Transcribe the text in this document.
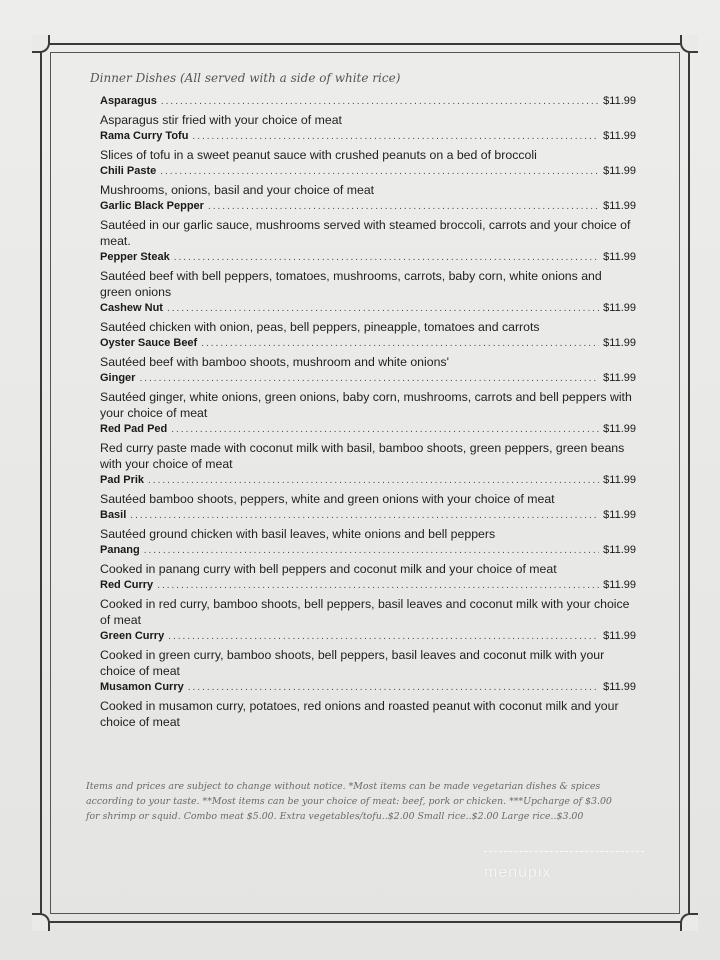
Dinner Dishes (All served with a side of white rice)
Asparagus .....	$11.99
Asparagus stir fried with your choice of meat
Rama Curry Tofu .....	$11.99
Slices of tofu in a sweet peanut sauce with crushed peanuts on a bed of broccoli
Chili Paste .....	$11.99
Mushrooms, onions, basil and your choice of meat
Garlic Black Pepper .....	$11.99
Sautéed in our garlic sauce, mushrooms served with steamed broccoli, carrots and your choice of meat.
Pepper Steak .....	$11.99
Sautéed beef with bell peppers, tomatoes, mushrooms, carrots, baby corn, white onions and green onions
Cashew Nut .....	$11.99
Sautéed chicken with onion, peas, bell peppers, pineapple, tomatoes and carrots
Oyster Sauce Beef .....	$11.99
Sautéed beef with bamboo shoots, mushroom and white onions'
Ginger .....	$11.99
Sautéed ginger, white onions, green onions, baby corn, mushrooms, carrots and bell peppers with your choice of meat
Red Pad Ped .....	$11.99
Red curry paste made with coconut milk with basil, bamboo shoots, green peppers, green beans with your choice of meat
Pad Prik .....	$11.99
Sautéed bamboo shoots, peppers, white and green onions with your choice of meat
Basil .....	$11.99
Sautéed ground chicken with basil leaves, white onions and bell peppers
Panang .....	$11.99
Cooked in panang curry with bell peppers and coconut milk and your choice of meat
Red Curry .....	$11.99
Cooked in red curry, bamboo shoots, bell peppers, basil leaves and coconut milk with your choice of meat
Green Curry .....	$11.99
Cooked in green curry, bamboo shoots, bell peppers, basil leaves and coconut milk with your choice of meat
Musamon Curry .....	$11.99
Cooked in musamon curry, potatoes, red onions and roasted peanut with coconut milk and your choice of meat
Items and prices are subject to change without notice. *Most items can be made vegetarian dishes & spices according to your taste. **Most items can be your choice of meat: beef, pork or chicken. ***Upcharge of $3.00 for shrimp or squid. Combo meat $5.00. Extra vegetables/tofu..$2.00 Small rice..$2.00 Large rice..$3.00
menupix
